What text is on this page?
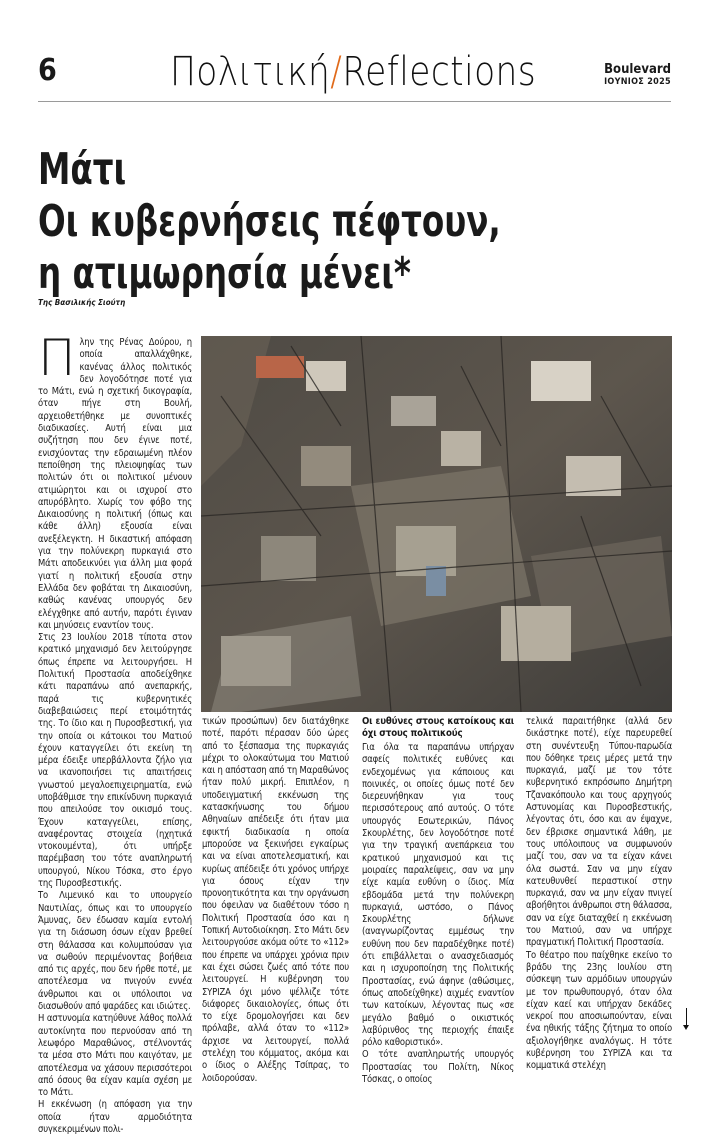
6	Πολιτική/Reflections	Boulevard
ΙΟΥΝΙΟΣ 2025
Μάτι
Οι κυβερνήσεις πέφτουν,
η ατιμωρησία μένει*
Της Βασιλικής Σιούτη

Πλην της Ρένας Δούρου, η οποία απαλλάχθηκε, κανένας άλλος πολιτικός δεν λογοδότησε ποτέ για το Μάτι, ενώ η σχετική δικογραφία, όταν πήγε στη Βουλή, αρχειοθετήθηκε με συνοπτικές διαδικασίες. Αυτή είναι μια συζήτηση που δεν έγινε ποτέ, ενισχύοντας την εδραιωμένη πλέον πεποίθηση της πλειοψηφίας των πολιτών ότι οι πολιτικοί μένουν ατιμώρητοι και οι ισχυροί στο απυρόβλητο. Χωρίς τον φόβο της Δικαιοσύνης η πολιτική (όπως και κάθε άλλη) εξουσία είναι ανεξέλεγκτη. Η δικαστική απόφαση για την πολύνεκρη πυρκαγιά στο Μάτι αποδεικνύει για άλλη μια φορά γιατί η πολιτική εξουσία στην Ελλάδα δεν φοβάται τη Δικαιοσύνη, καθώς κανένας υπουργός δεν ελέγχθηκε από αυτήν, παρότι έγιναν και μηνύσεις εναντίον τους.

Στις 23 Ιουλίου 2018 τίποτα στον κρατικό μηχανισμό δεν λειτούργησε όπως έπρεπε να λειτουργήσει. Η Πολιτική Προστασία αποδείχθηκε κάτι παραπάνω από ανεπαρκής, παρά τις κυβερνητικές διαβεβαιώσεις περί ετοιμότητάς της. Το ίδιο και η Πυροσβεστική, για την οποία οι κάτοικοι του Ματιού έχουν καταγγείλει ότι εκείνη τη μέρα έδειξε υπερβάλλοντα ζήλο για να ικανοποιήσει τις απαιτήσεις γνωστού μεγαλοεπιχειρηματία, ενώ υποβάθμισε την επικίνδυνη πυρκαγιά που απειλούσε τον οικισμό τους. Έχουν καταγγείλει, επίσης, αναφέροντας στοιχεία (ηχητικά ντοκουμέντα), ότι υπήρξε παρέμβαση του τότε αναπληρωτή υπουργού, Νίκου Τόσκα, στο έργο της Πυροσβεστικής.

Το Λιμενικό και το υπουργείο Ναυτιλίας, όπως και το υπουργείο Άμυνας, δεν έδωσαν καμία εντολή για τη διάσωση όσων είχαν βρεθεί στη θάλασσα και κολυμπούσαν για να σωθούν περιμένοντας βοήθεια από τις αρχές, που δεν ήρθε ποτέ, με αποτέλεσμα να πνιγούν εννέα άνθρωποι και οι υπόλοιποι να διασωθούν από ψαράδες και ιδιώτες.

Η αστυνομία κατηύθυνε λάθος πολλά αυτοκίνητα που περνούσαν από τη λεωφόρο Μαραθώνος, στέλνοντάς τα μέσα στο Μάτι που καιγόταν, με αποτέλεσμα να χάσουν περισσότεροι από όσους θα είχαν καμία σχέση με το Μάτι.

Η εκκένωση (η απόφαση για την οποία ήταν αρμοδιότητα συγκεκριμένων πολι-

τικών προσώπων) δεν διατάχθηκε ποτέ, παρότι πέρασαν δύο ώρες από το ξέσπασμα της πυρκαγιάς μέχρι το ολοκαύτωμα του Ματιού και η απόσταση από τη Μαραθώνος ήταν πολύ μικρή. Επιπλέον, η υποδειγματική εκκένωση της κατασκήνωσης του δήμου Αθηναίων απέδειξε ότι ήταν μια εφικτή διαδικασία η οποία μπορούσε να ξεκινήσει εγκαίρως και να είναι αποτελεσματική, και κυρίως απέδειξε ότι χρόνος υπήρχε για όσους είχαν την προνοητικότητα και την οργάνωση που όφειλαν να διαθέτουν τόσο η Πολιτική Προστασία όσο και η Τοπική Αυτοδιοίκηση. Στο Μάτι δεν λειτουργούσε ακόμα ούτε το «112» που έπρεπε να υπάρχει χρόνια πριν και έχει σώσει ζωές από τότε που λειτουργεί. Η κυβέρνηση του ΣΥΡΙΖΑ όχι μόνο ψέλλιζε τότε διάφορες δικαιολογίες, όπως ότι το είχε δρομολογήσει και δεν πρόλαβε, αλλά όταν το «112» άρχισε να λειτουργεί, πολλά στελέχη του κόμματος, ακόμα και ο ίδιος ο Αλέξης Τσίπρας, το λοιδορούσαν.

Οι ευθύνες στους κατοίκους και όχι στους πολιτικούς

Για όλα τα παραπάνω υπήρχαν σαφείς πολιτικές ευθύνες και ενδεχομένως για κάποιους και ποινικές, οι οποίες όμως ποτέ δεν διερευνήθηκαν για τους περισσότερους από αυτούς. Ο τότε υπουργός Εσωτερικών, Πάνος Σκουρλέτης, δεν λογοδότησε ποτέ για την τραγική ανεπάρκεια του κρατικού μηχανισμού και τις μοιραίες παραλείψεις, σαν να μην είχε καμία ευθύνη ο ίδιος. Μία εβδομάδα μετά την πολύνεκρη πυρκαγιά, ωστόσο, ο Πάνος Σκουρλέτης δήλωνε (αναγνωρίζοντας εμμέσως την ευθύνη που δεν παραδέχθηκε ποτέ) ότι επιβάλλεται ο ανασχεδιασμός και η ισχυροποίηση της Πολιτικής Προστασίας, ενώ άφηνε (αθώσιμες, όπως αποδείχθηκε) αιχμές εναντίον των κατοίκων, λέγοντας πως «σε μεγάλο βαθμό ο οικιστικός λαβύρινθος της περιοχής έπαιξε ρόλο καθοριστικό».

Ο τότε αναπληρωτής υπουργός Προστασίας του Πολίτη, Νίκος Τόσκας, ο οποίος

τελικά παραιτήθηκε (αλλά δεν δικάστηκε ποτέ), είχε παρευρεθεί στη συνέντευξη Τύπου-παρωδία που δόθηκε τρεις μέρες μετά την πυρκαγιά, μαζί με τον τότε κυβερνητικό εκπρόσωπο Δημήτρη Τζανακόπουλο και τους αρχηγούς Αστυνομίας και Πυροσβεστικής, λέγοντας ότι, όσο και αν έψαχνε, δεν έβρισκε σημαντικά λάθη, με τους υπόλοιπους να συμφωνούν μαζί του, σαν να τα είχαν κάνει όλα σωστά. Σαν να μην είχαν κατευθυνθεί περαστικοί στην πυρκαγιά, σαν να μην είχαν πνιγεί αβοήθητοι άνθρωποι στη θάλασσα, σαν να είχε διαταχθεί η εκκένωση του Ματιού, σαν να υπήρχε πραγματική Πολιτική Προστασία.

Το θέατρο που παίχθηκε εκείνο το βράδυ της 23ης Ιουλίου στη σύσκεψη των αρμόδιων υπουργών με τον πρωθυπουργό, όταν όλα είχαν καεί και υπήρχαν δεκάδες νεκροί που αποσιωπούνταν, είναι ένα ηθικής τάξης ζήτημα το οποίο αξιολογήθηκε αναλόγως. Η τότε κυβέρνηση του ΣΥΡΙΖΑ και τα κομματικά στελέχη
